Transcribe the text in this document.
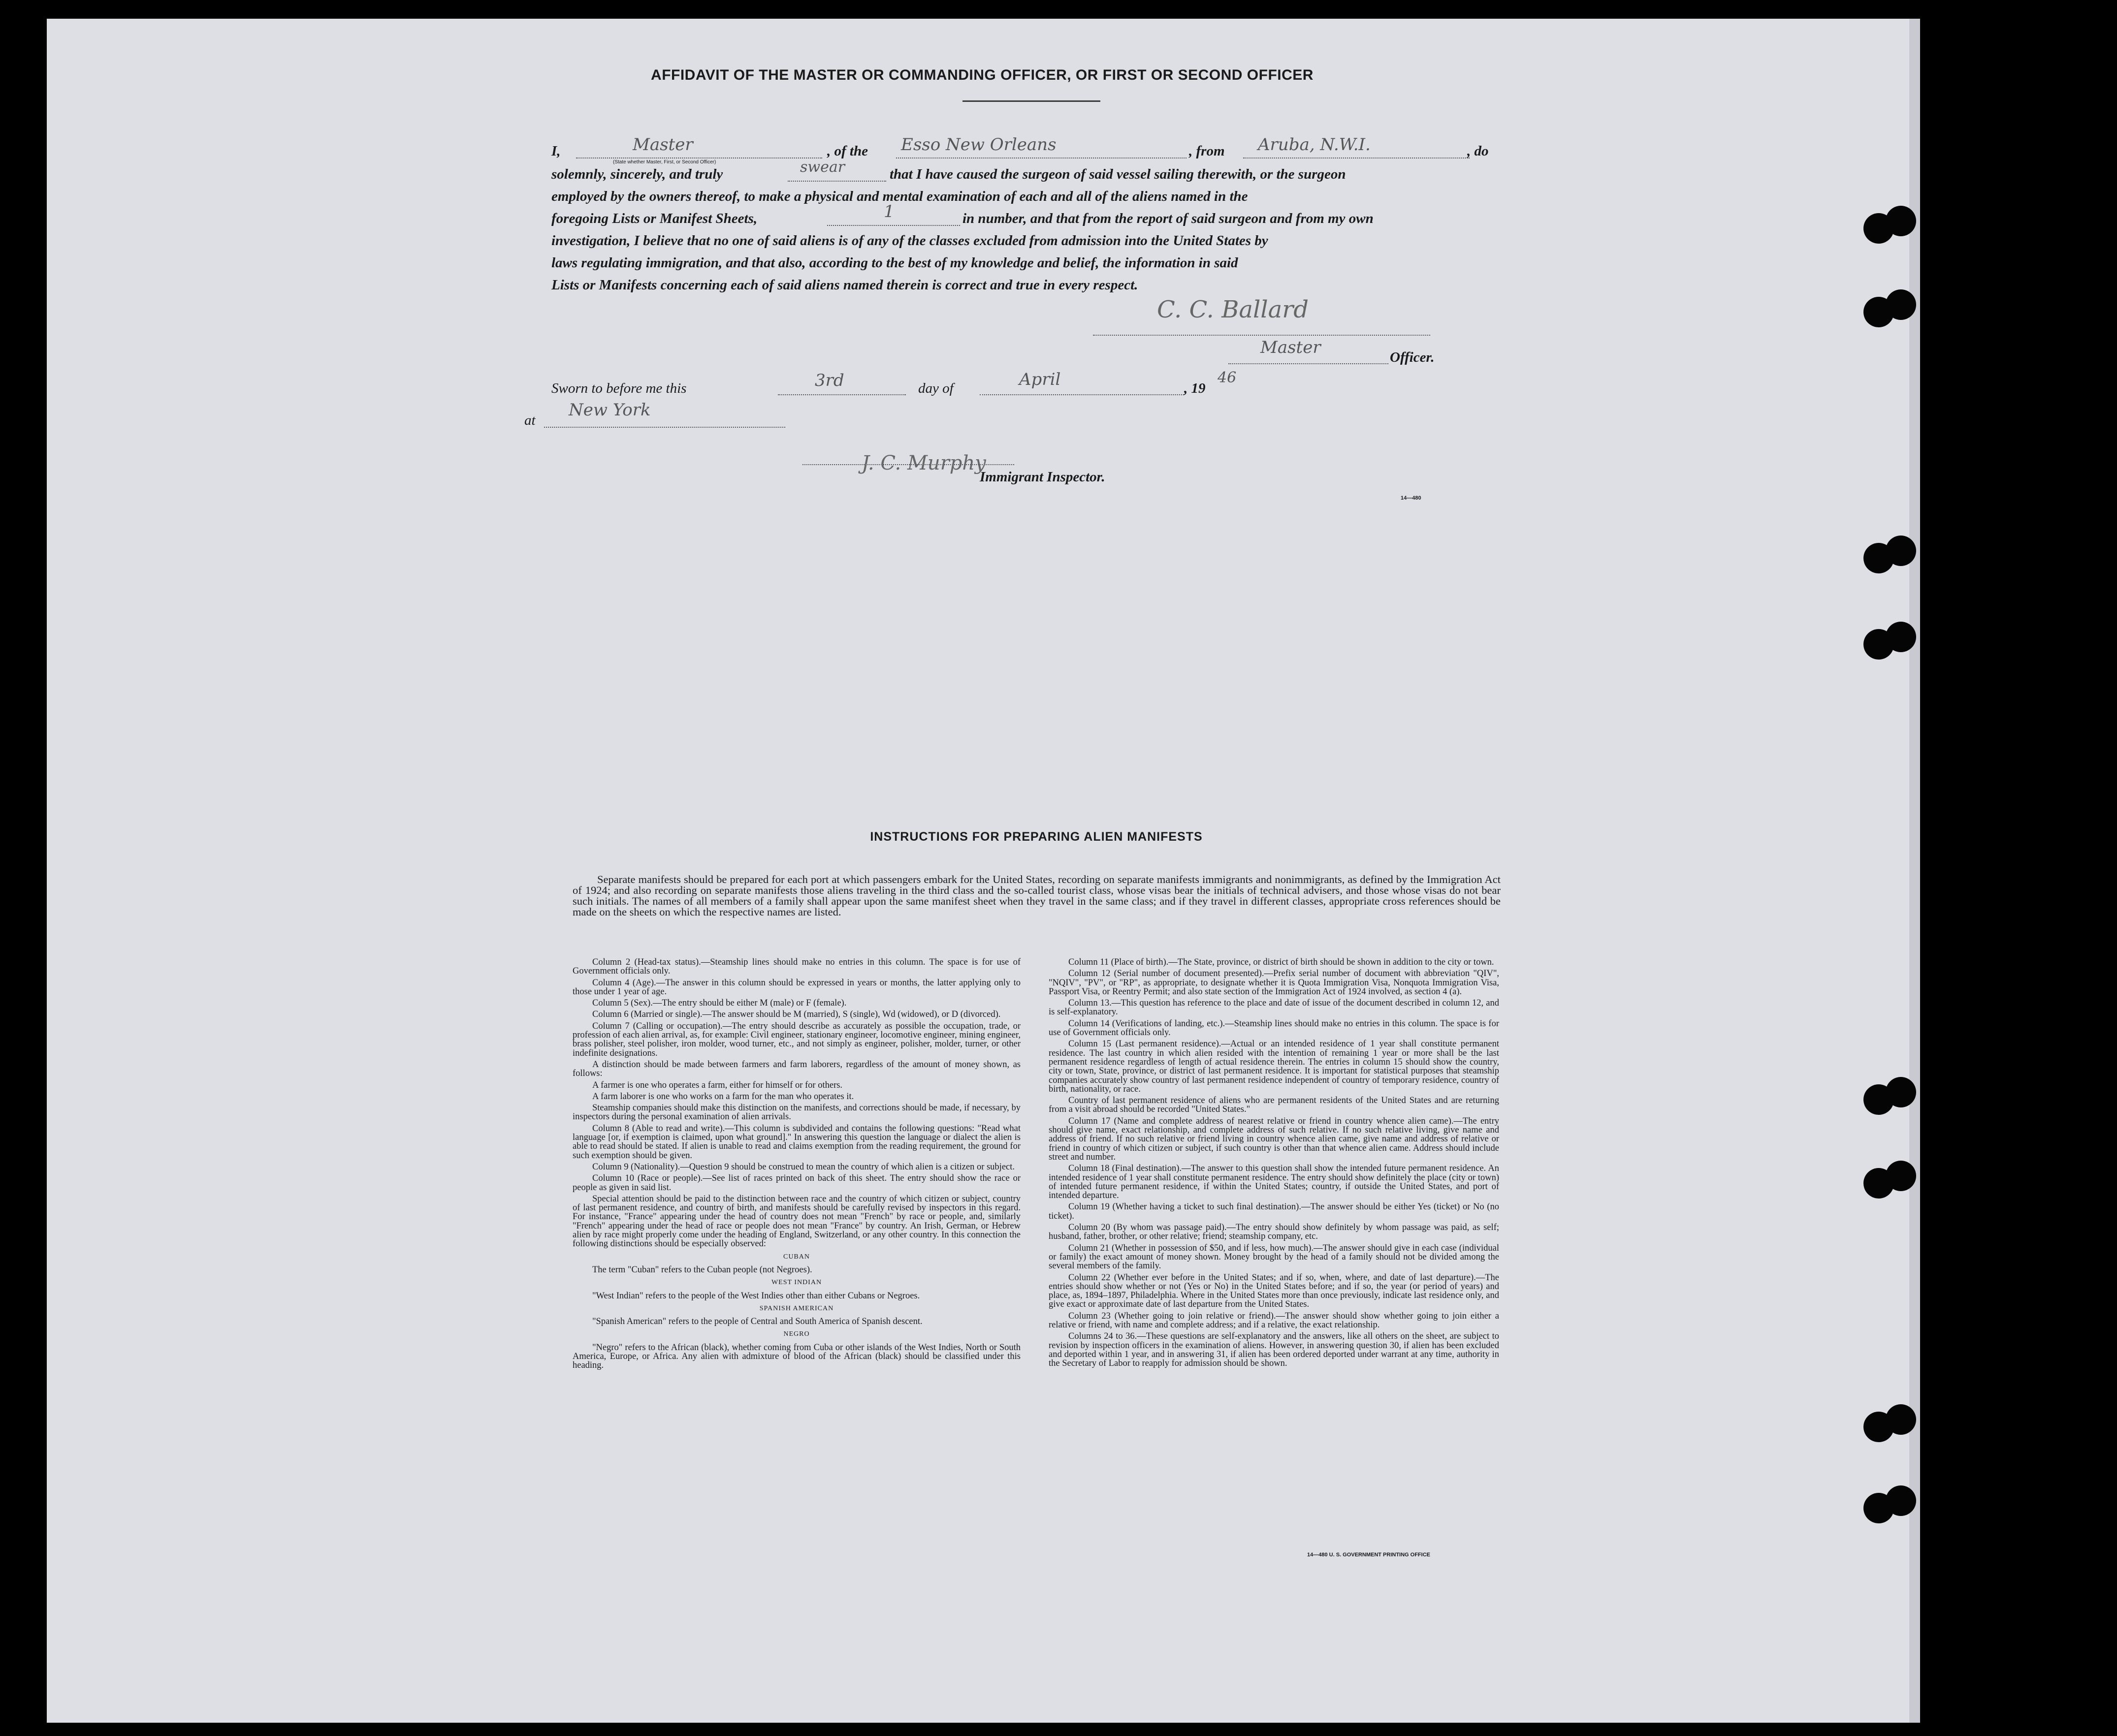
AFFIDAVIT OF THE MASTER OR COMMANDING OFFICER, OR FIRST OR SECOND OFFICER
I,	Master
(State whether Master, First, or Second Officer)
, of the Esso New Orleans	, from Aruba, N.W.I.	, do
solemnly, sincerely, and truly	swear	that I have caused the surgeon of said vessel sailing therewith, or the surgeon
employed by the owners thereof, to make a physical and mental examination of each and all of the aliens named in the
foregoing Lists or Manifest Sheets,	1	in number, and that from the report of said surgeon and from my own
investigation, I believe that no one of said aliens is of any of the classes excluded from admission into the United States by
laws regulating immigration, and that also, according to the best of my knowledge and belief, the information in said
Lists or Manifests concerning each of said aliens named therein is correct and true in every respect.
C. C. Ballard
Master	Officer.
Sworn to before me this	3rd	day of	April	, 19
46
at
New York
J. C. Murphy
Immigrant Inspector.
14—480
INSTRUCTIONS FOR PREPARING ALIEN MANIFESTS

Separate manifests should be prepared for each port at which passengers embark for the United States, recording on separate manifests immigrants and nonimmigrants, as defined by the Immigration Act of 1924; and also recording on separate manifests those aliens traveling in the third class and the so-called tourist class, whose visas bear the initials of technical advisers, and those whose visas do not bear such initials. The names of all members of a family shall appear upon the same manifest sheet when they travel in the same class; and if they travel in different classes, appropriate cross references should be made on the sheets on which the respective names are listed.

Column 2 (Head-tax status).—Steamship lines should make no entries in this column. The space is for use of Government officials only.

Column 4 (Age).—The answer in this column should be expressed in years or months, the latter applying only to those under 1 year of age.

Column 5 (Sex).—The entry should be either M (male) or F (female).

Column 6 (Married or single).—The answer should be M (married), S (single), Wd (widowed), or D (divorced).

Column 7 (Calling or occupation).—The entry should describe as accurately as possible the occupation, trade, or profession of each alien arrival, as, for example: Civil engineer, stationary engineer, locomotive engineer, mining engineer, brass polisher, steel polisher, iron molder, wood turner, etc., and not simply as engineer, polisher, molder, turner, or other indefinite designations.

A distinction should be made between farmers and farm laborers, regardless of the amount of money shown, as follows:

A farmer is one who operates a farm, either for himself or for others.

A farm laborer is one who works on a farm for the man who operates it.

Steamship companies should make this distinction on the manifests, and corrections should be made, if necessary, by inspectors during the personal examination of alien arrivals.

Column 8 (Able to read and write).—This column is subdivided and contains the following questions: "Read what language [or, if exemption is claimed, upon what ground]." In answering this question the language or dialect the alien is able to read should be stated. If alien is unable to read and claims exemption from the reading requirement, the ground for such exemption should be given.

Column 9 (Nationality).—Question 9 should be construed to mean the country of which alien is a citizen or subject.

Column 10 (Race or people).—See list of races printed on back of this sheet. The entry should show the race or people as given in said list.

Special attention should be paid to the distinction between race and the country of which citizen or subject, country of last permanent residence, and country of birth, and manifests should be carefully revised by inspectors in this regard. For instance, "France" appearing under the head of country does not mean "French" by race or people, and, similarly "French" appearing under the head of race or people does not mean "France" by country. An Irish, German, or Hebrew alien by race might properly come under the heading of England, Switzerland, or any other country. In this connection the following distinctions should be especially observed:

CUBAN

The term "Cuban" refers to the Cuban people (not Negroes).

WEST INDIAN

"West Indian" refers to the people of the West Indies other than either Cubans or Negroes.

SPANISH AMERICAN

"Spanish American" refers to the people of Central and South America of Spanish descent.

NEGRO

"Negro" refers to the African (black), whether coming from Cuba or other islands of the West Indies, North or South America, Europe, or Africa. Any alien with admixture of blood of the African (black) should be classified under this heading.

Column 11 (Place of birth).—The State, province, or district of birth should be shown in addition to the city or town.

Column 12 (Serial number of document presented).—Prefix serial number of document with abbreviation "QIV", "NQIV", "PV", or "RP", as appropriate, to designate whether it is Quota Immigration Visa, Nonquota Immigration Visa, Passport Visa, or Reentry Permit; and also state section of the Immigration Act of 1924 involved, as section 4 (a).

Column 13.—This question has reference to the place and date of issue of the document described in column 12, and is self-explanatory.

Column 14 (Verifications of landing, etc.).—Steamship lines should make no entries in this column. The space is for use of Government officials only.

Column 15 (Last permanent residence).—Actual or an intended residence of 1 year shall constitute permanent residence. The last country in which alien resided with the intention of remaining 1 year or more shall be the last permanent residence regardless of length of actual residence therein. The entries in column 15 should show the country, city or town, State, province, or district of last permanent residence. It is important for statistical purposes that steamship companies accurately show country of last permanent residence independent of country of temporary residence, country of birth, nationality, or race.

Country of last permanent residence of aliens who are permanent residents of the United States and are returning from a visit abroad should be recorded "United States."

Column 17 (Name and complete address of nearest relative or friend in country whence alien came).—The entry should give name, exact relationship, and complete address of such relative. If no such relative living, give name and address of friend. If no such relative or friend living in country whence alien came, give name and address of relative or friend in country of which citizen or subject, if such country is other than that whence alien came. Address should include street and number.

Column 18 (Final destination).—The answer to this question shall show the intended future permanent residence. An intended residence of 1 year shall constitute permanent residence. The entry should show definitely the place (city or town) of intended future permanent residence, if within the United States; country, if outside the United States, and port of intended departure.

Column 19 (Whether having a ticket to such final destination).—The answer should be either Yes (ticket) or No (no ticket).

Column 20 (By whom was passage paid).—The entry should show definitely by whom passage was paid, as self; husband, father, brother, or other relative; friend; steamship company, etc.

Column 21 (Whether in possession of $50, and if less, how much).—The answer should give in each case (individual or family) the exact amount of money shown. Money brought by the head of a family should not be divided among the several members of the family.

Column 22 (Whether ever before in the United States; and if so, when, where, and date of last departure).—The entries should show whether or not (Yes or No) in the United States before; and if so, the year (or period of years) and place, as, 1894–1897, Philadelphia. Where in the United States more than once previously, indicate last residence only, and give exact or approximate date of last departure from the United States.

Column 23 (Whether going to join relative or friend).—The answer should show whether going to join either a relative or friend, with name and complete address; and if a relative, the exact relationship.

Columns 24 to 36.—These questions are self-explanatory and the answers, like all others on the sheet, are subject to revision by inspection officers in the examination of aliens. However, in answering question 30, if alien has been excluded and deported within 1 year, and in answering 31, if alien has been ordered deported under warrant at any time, authority in the Secretary of Labor to reapply for admission should be shown.

14—480 U. S. GOVERNMENT PRINTING OFFICE
